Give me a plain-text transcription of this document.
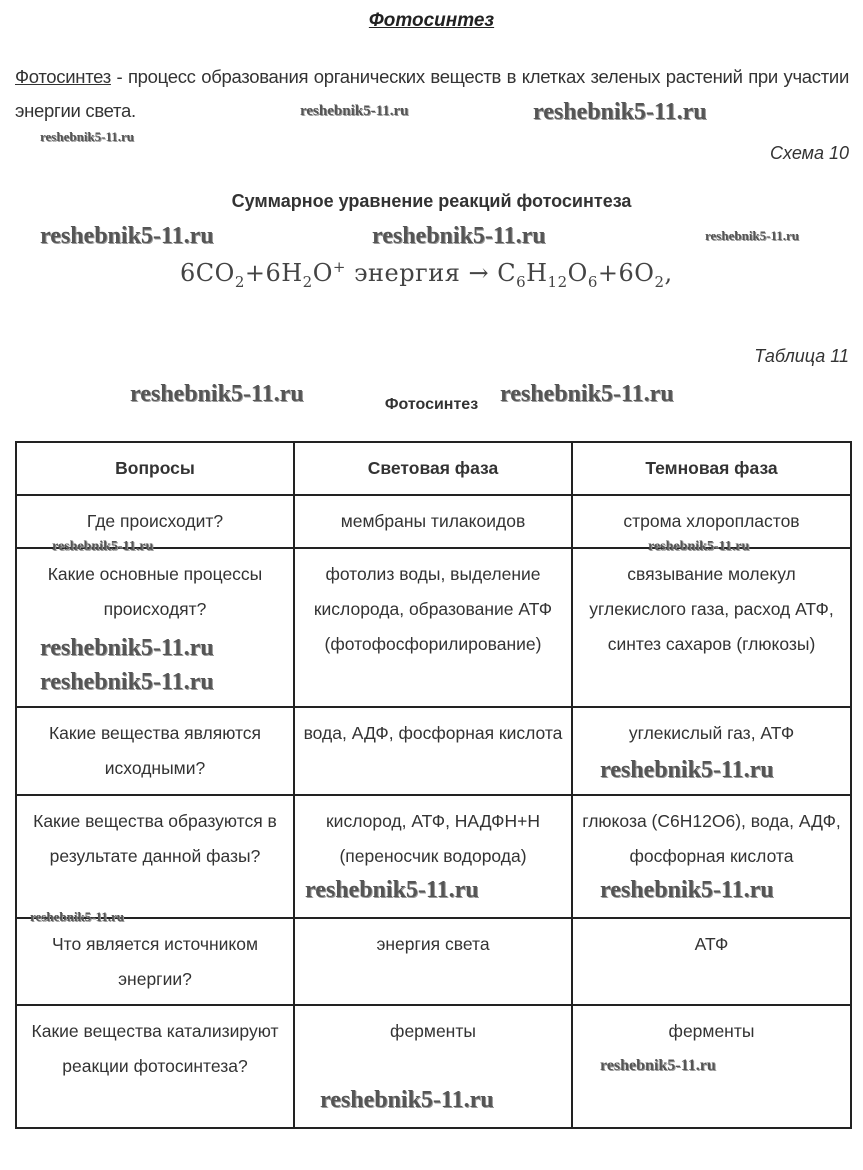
Фотосинтез
Фотосинтез - процесс образования органических веществ в клетках зеленых растений при участии энергии света.
Схема 10
Суммарное уравнение реакций фотосинтеза
$6CO_2+6H_2O^+$ энергия → $C_6H_{12}O_6+6O_2$,
Таблица 11
Фотосинтез
Вопросы	Световая фаза	Темновая фаза
Где происходит?	мембраны тилакоидов	строма хлоропластов
Какие основные процессы происходят?	фотолиз воды, выделение кислорода, образование АТФ (фотофосфорилирование)	связывание молекул углекислого газа, расход АТФ, синтез сахаров (глюкозы)
Какие вещества являются исходными?	вода, АДФ, фосфорная кислота	углекислый газ, АТФ
Какие вещества образуются в результате данной фазы?	кислород, АТФ, НАДФН+Н (переносчик водорода)	глюкоза (С6Н12О6), вода, АДФ, фосфорная кислота
Что является источником энергии?	энергия света	АТФ
Какие вещества катализируют реакции фотосинтеза?	ферменты	ферменты
reshebnik5-11.ru
reshebnik5-11.ru	reshebnik5-11.ru
reshebnik5-11.ru	reshebnik5-11.ru	reshebnik5-11.ru
reshebnik5-11.ru	reshebnik5-11.ru
reshebnik5-11.ru
reshebnik5-11.ru
reshebnik5-11.ru
reshebnik5-11.ru
reshebnik5-11.ru
reshebnik5-11.ru	reshebnik5-11.ru
reshebnik5-11.ru
reshebnik5-11.ru
reshebnik5-11.ru
